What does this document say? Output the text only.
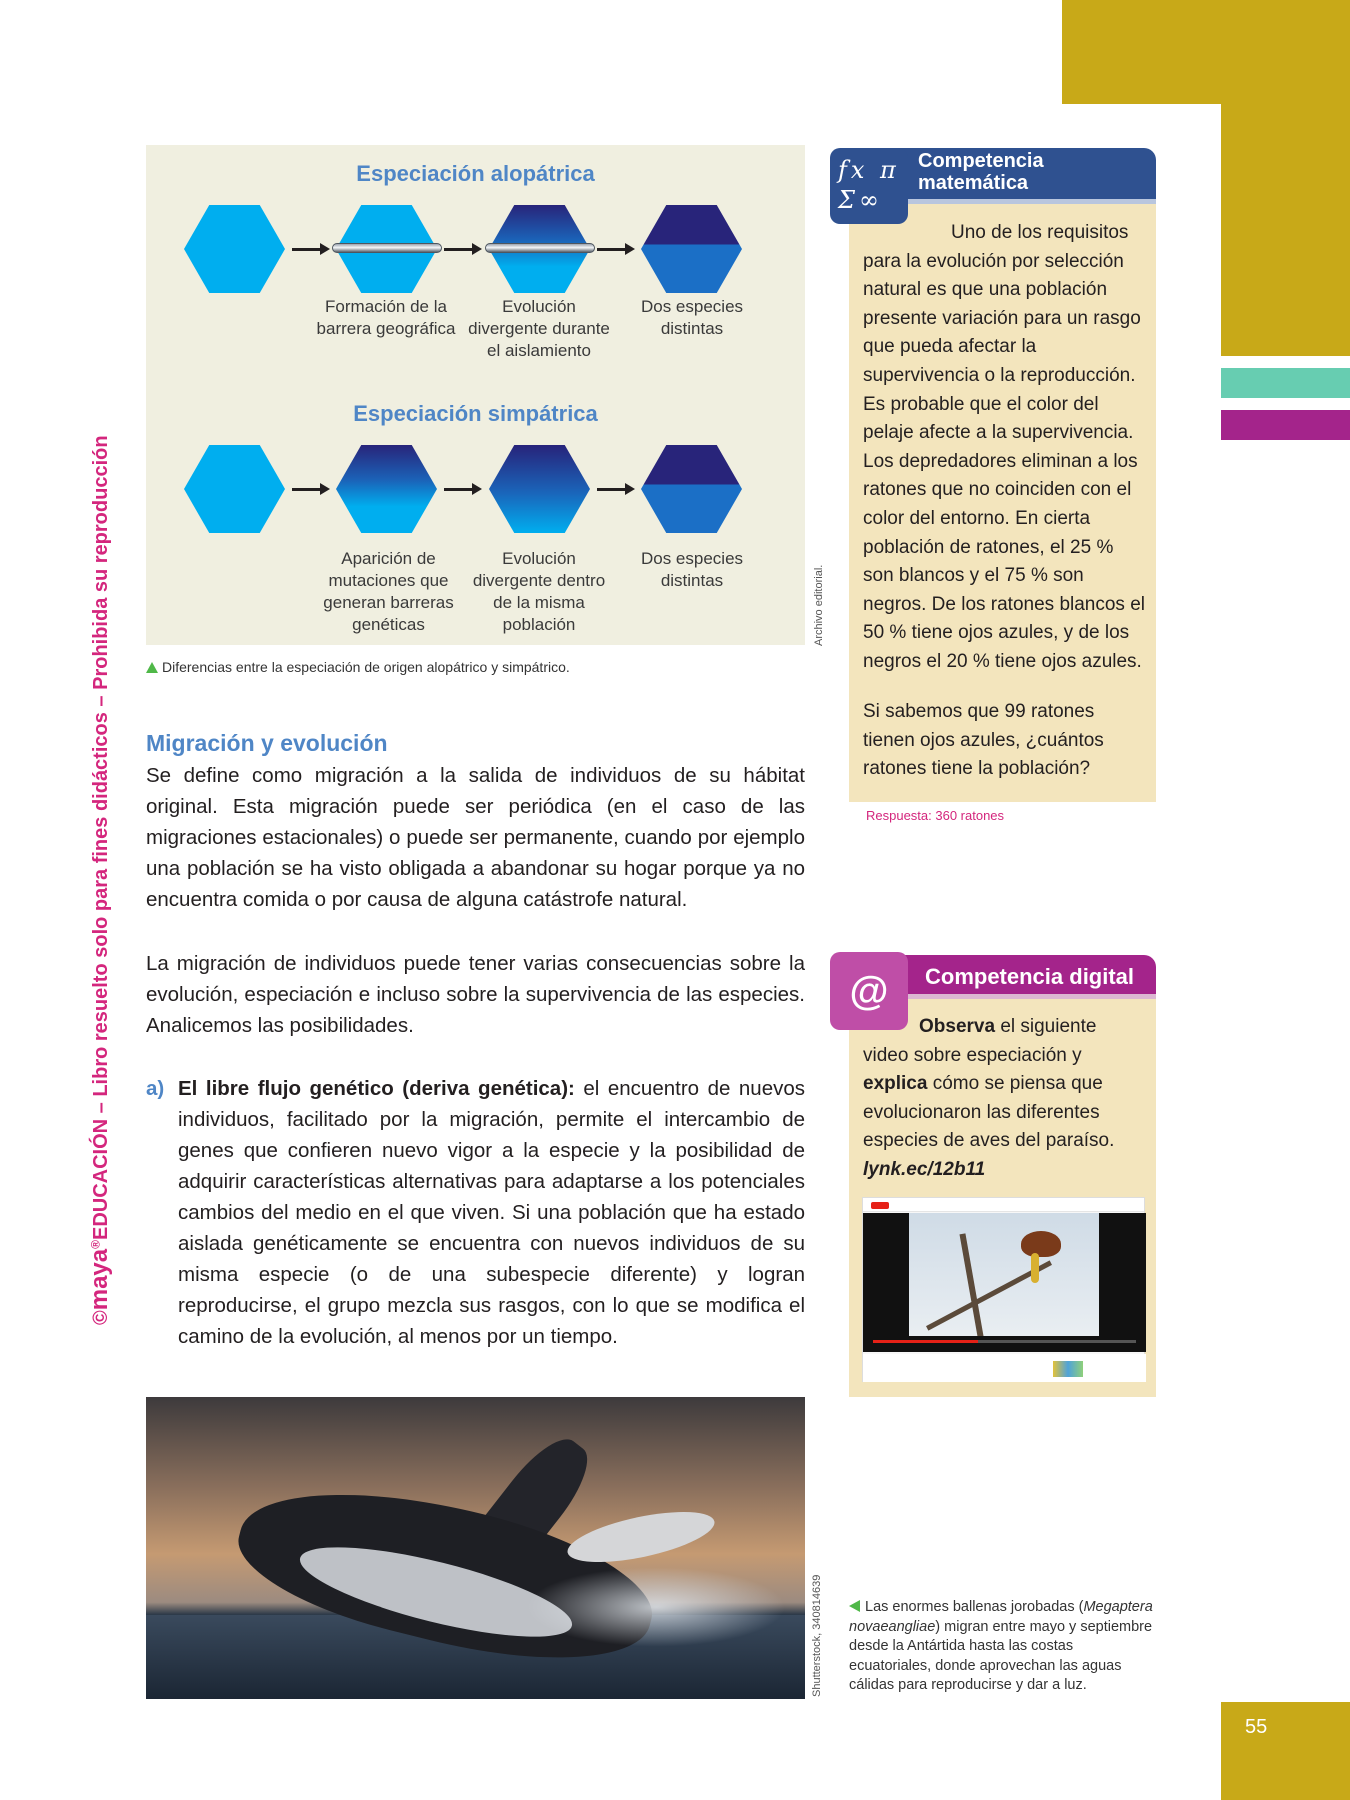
55
©maya®EDUCACIÓN – Libro resuelto solo para fines didácticos – Prohibida su reproducción
Especiación alopátrica
Formación de la barrera geográfica
Evolución divergente durante el aislamiento
Dos especies distintas
Especiación simpátrica
Aparición de mutaciones que generan barreras genéticas
Evolución divergente dentro de la misma población
Dos especies distintas	Archivo editorial.
Diferencias entre la especiación de origen alopátrico y simpátrico.
Migración y evolución
Se define como migración a la salida de individuos de su hábitat original. Esta migración puede ser periódica (en el caso de las migraciones estacionales) o puede ser permanente, cuando por ejemplo una población se ha visto obligada a abandonar su hogar porque ya no encuentra comida o por causa de alguna catástrofe natural.
La migración de individuos puede tener varias consecuencias sobre la evolución, especiación e incluso sobre la supervivencia de las especies. Analicemos las posibilidades.
a) El libre flujo genético (deriva genética): el encuentro de nuevos individuos, facilitado por la migración, permite el intercambio de genes que confieren nuevo vigor a la especie y la posibilidad de adquirir características alternativas para adaptarse a los potenciales cambios del medio en el que viven. Si una población que ha estado aislada genéticamente se encuentra con nuevos individuos de su misma especie (o de una subespecie diferente) y logran reproducirse, el grupo mezcla sus rasgos, con lo que se modifica el camino de la evolución, al menos por un tiempo.
fx π Σ∞
Competencia matemática
Uno de los requisitos para la evolución por selección natural es que una población presente variación para un rasgo que pueda afectar la supervivencia o la reproducción. Es probable que el color del pelaje afecte a la supervivencia. Los depredadores eliminan a los ratones que no coinciden con el color del entorno. En cierta población de ratones, el 25 % son blancos y el 75 % son negros. De los ratones blancos el 50 % tiene ojos azules, y de los negros el 20 % tiene ojos azules.
Si sabemos que 99 ratones tienen ojos azules, ¿cuántos ratones tiene la población?
Respuesta: 360 ratones
@	Competencia digital
Observa el siguiente video sobre especiación y explica cómo se piensa que evolucionaron las diferentes especies de aves del paraíso.
lynk.ec/12b11
Shutterstock, 340814639	Las enormes ballenas jorobadas (Megaptera novaeangliae) migran entre mayo y septiembre desde la Antártida hasta las costas ecuatoriales, donde aprovechan las aguas cálidas para reproducirse y dar a luz.
